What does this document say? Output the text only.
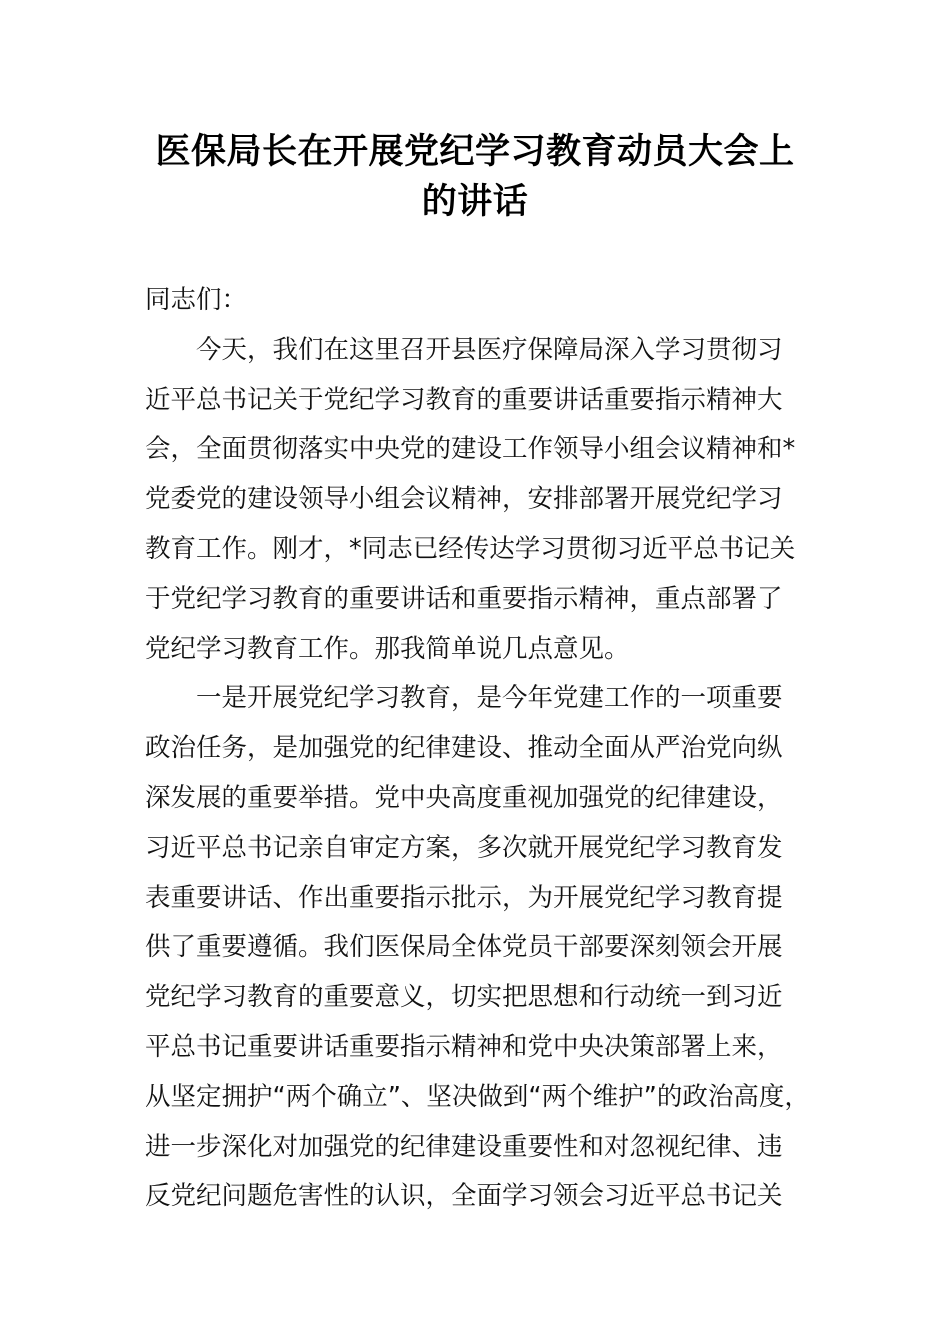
医保局长在开展党纪学习教育动员大会上
的讲话
同志们：
今天，我们在这里召开县医疗保障局深入学习贯彻习
近平总书记关于党纪学习教育的重要讲话重要指示精神大
会，全面贯彻落实中央党的建设工作领导小组会议精神和*
党委党的建设领导小组会议精神，安排部署开展党纪学习
教育工作。刚才，*同志已经传达学习贯彻习近平总书记关
于党纪学习教育的重要讲话和重要指示精神，重点部署了
党纪学习教育工作。那我简单说几点意见。
一是开展党纪学习教育，是今年党建工作的一项重要
政治任务，是加强党的纪律建设、推动全面从严治党向纵
深发展的重要举措。党中央高度重视加强党的纪律建设，
习近平总书记亲自审定方案，多次就开展党纪学习教育发
表重要讲话、作出重要指示批示，为开展党纪学习教育提
供了重要遵循。我们医保局全体党员干部要深刻领会开展
党纪学习教育的重要意义，切实把思想和行动统一到习近
平总书记重要讲话重要指示精神和党中央决策部署上来，
从坚定拥护“两个确立”、坚决做到“两个维护”的政治高度，
进一步深化对加强党的纪律建设重要性和对忽视纪律、违
反党纪问题危害性的认识，全面学习领会习近平总书记关
